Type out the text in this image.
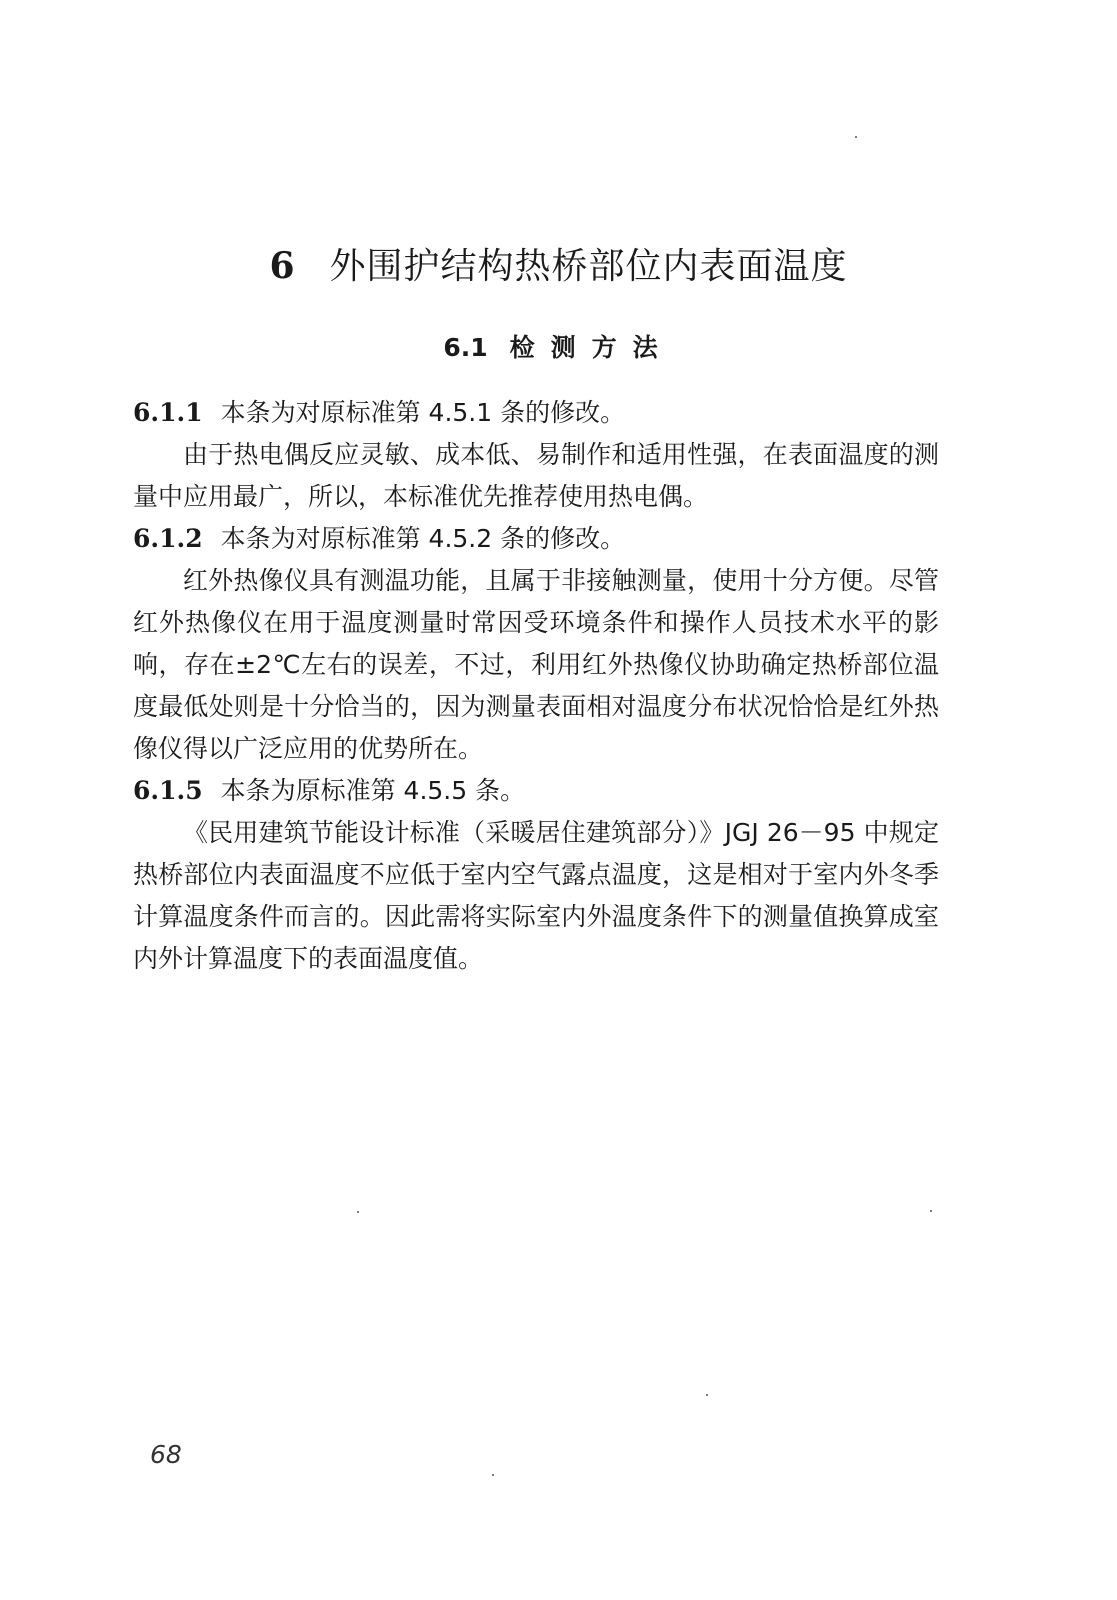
6 外围护结构热桥部位内表面温度
6.1 检测方法

6.1.1 本条为对原标准第 4.5.1 条的修改。

由于热电偶反应灵敏、成本低、易制作和适用性强，在表面温度的测量中应用最广，所以，本标准优先推荐使用热电偶。

6.1.2 本条为对原标准第 4.5.2 条的修改。

红外热像仪具有测温功能，且属于非接触测量，使用十分方便。尽管红外热像仪在用于温度测量时常因受环境条件和操作人员技术水平的影响，存在±2℃左右的误差，不过，利用红外热像仪协助确定热桥部位温度最低处则是十分恰当的，因为测量表面相对温度分布状况恰恰是红外热像仪得以广泛应用的优势所在。

6.1.5 本条为原标准第 4.5.5 条。

《民用建筑节能设计标准（采暖居住建筑部分）》JGJ 26－95 中规定热桥部位内表面温度不应低于室内空气露点温度，这是相对于室内外冬季计算温度条件而言的。因此需将实际室内外温度条件下的测量值换算成室内外计算温度下的表面温度值。

68
